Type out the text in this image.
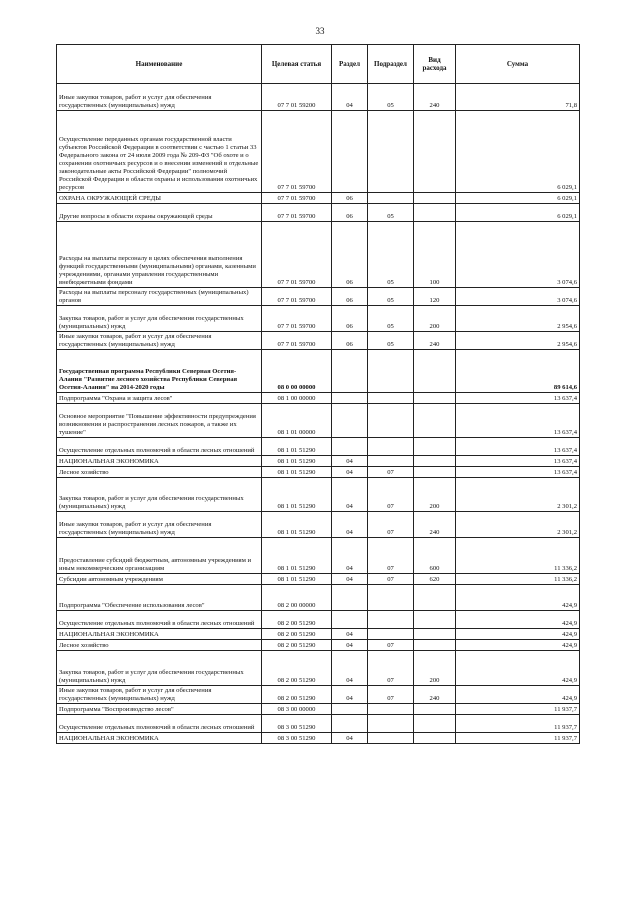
33
Наименование	Целевая статья	Раздел	Подраздел	Вид расхода	Сумма
Иные закупки товаров, работ и услуг для обеспечения государственных (муниципальных) нужд	07 7 01 59200	04	05	240	71,8
Осуществление переданных органам государственной власти субъектов Российской Федерации в соответствии с частью 1 статьи 33 Федерального закона от 24 июля 2009 года № 209-ФЗ "Об охоте и о сохранении охотничьих ресурсов и о внесении изменений в отдельные законодательные акты Российской Федерации" полномочий Российской Федерации в области охраны и использования охотничьих ресурсов	07 7 01 59700				6 029,1
ОХРАНА ОКРУЖАЮЩЕЙ СРЕДЫ	07 7 01 59700	06			6 029,1
Другие вопросы в области охраны окружающей среды	07 7 01 59700	06	05		6 029,1
Расходы на выплаты персоналу в целях обеспечения выполнения функций государственными (муниципальными) органами, казенными учреждениями, органами управления государственными внебюджетными фондами	07 7 01 59700	06	05	100	3 074,6
Расходы на выплаты персоналу государственных (муниципальных) органов	07 7 01 59700	06	05	120	3 074,6
Закупка товаров, работ и услуг для обеспечения государственных (муниципальных) нужд	07 7 01 59700	06	05	200	2 954,6
Иные закупки товаров, работ и услуг для обеспечения государственных (муниципальных) нужд	07 7 01 59700	06	05	240	2 954,6
Государственная программа Республики Северная Осетия-Алания "Развитие лесного хозяйства Республики Северная Осетия-Алания" на 2014-2020 годы	08 0 00 00000				89 614,6
Подпрограмма "Охрана и защита лесов"	08 1 00 00000				13 637,4
Основное мероприятие "Повышение эффективности предупреждения возникновения и распространения лесных пожаров, а также их тушение"	08 1 01 00000				13 637,4
Осуществление отдельных полномочий в области лесных отношений	08 1 01 51290				13 637,4
НАЦИОНАЛЬНАЯ ЭКОНОМИКА	08 1 01 51290	04			13 637,4
Лесное хозяйство	08 1 01 51290	04	07		13 637,4
Закупка товаров, работ и услуг для обеспечения государственных (муниципальных) нужд	08 1 01 51290	04	07	200	2 301,2
Иные закупки товаров, работ и услуг для обеспечения государственных (муниципальных) нужд	08 1 01 51290	04	07	240	2 301,2
Предоставление субсидий бюджетным, автономным учреждениям и иным некоммерческим организациям	08 1 01 51290	04	07	600	11 336,2
Субсидии автономным учреждениям	08 1 01 51290	04	07	620	11 336,2
Подпрограмма "Обеспечение использования лесов"	08 2 00 00000				424,9
Осуществление отдельных полномочий в области лесных отношений	08 2 00 51290				424,9
НАЦИОНАЛЬНАЯ ЭКОНОМИКА	08 2 00 51290	04			424,9
Лесное хозяйство	08 2 00 51290	04	07		424,9
Закупка товаров, работ и услуг для обеспечения государственных (муниципальных) нужд	08 2 00 51290	04	07	200	424,9
Иные закупки товаров, работ и услуг для обеспечения государственных (муниципальных) нужд	08 2 00 51290	04	07	240	424,9
Подпрограмма "Воспроизводство лесов"	08 3 00 00000				11 937,7
Осуществление отдельных полномочий в области лесных отношений	08 3 00 51290				11 937,7
НАЦИОНАЛЬНАЯ ЭКОНОМИКА	08 3 00 51290	04			11 937,7
